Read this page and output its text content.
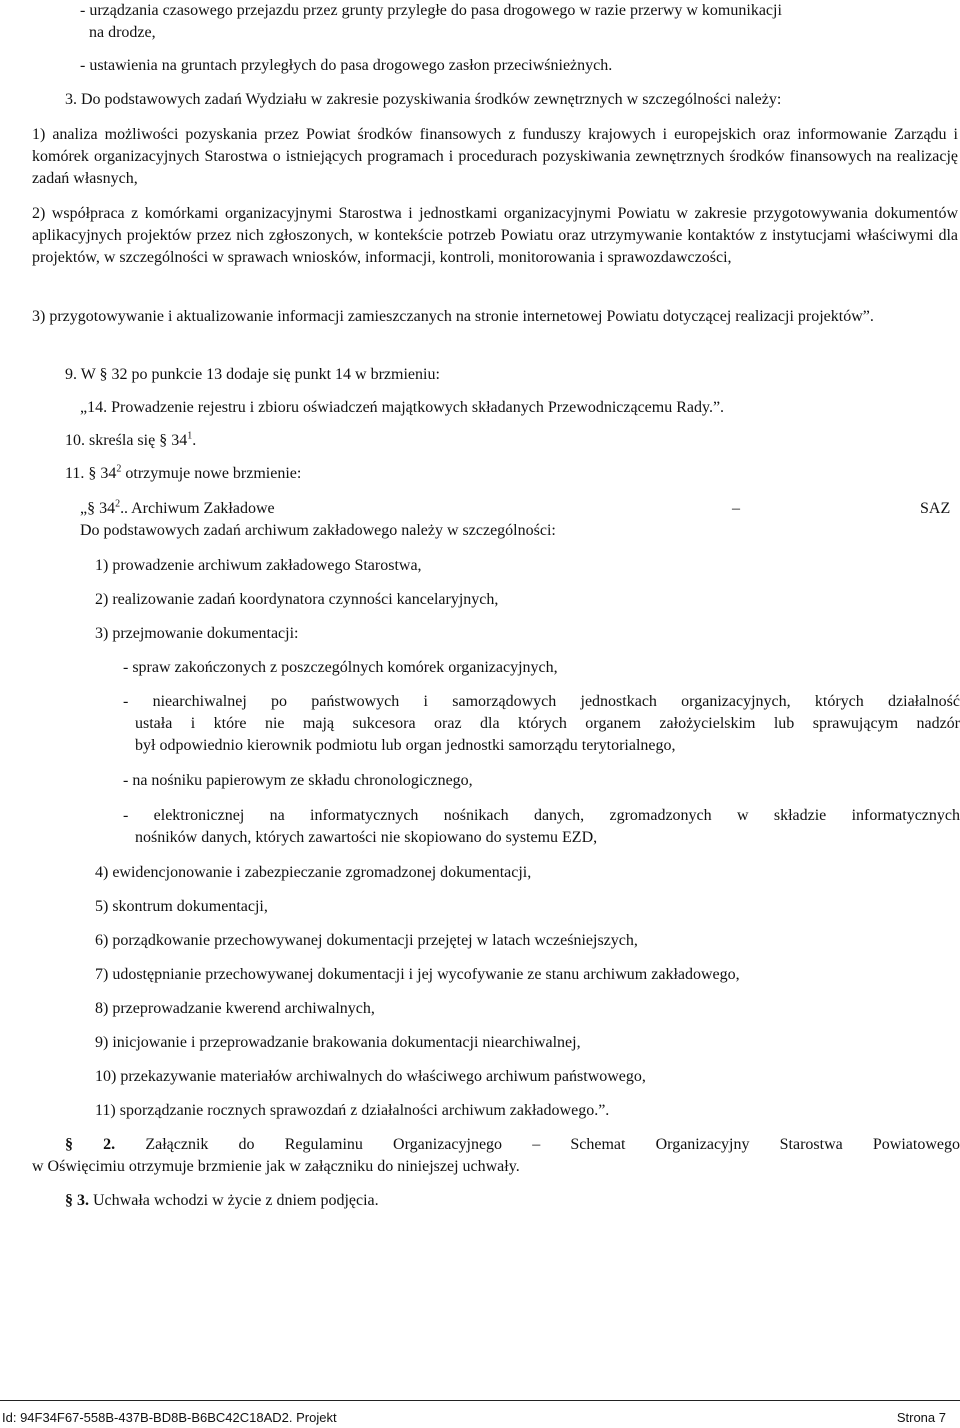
- urządzania czasowego przejazdu przez grunty przyległe do pasa drogowego w razie przerwy w komunikacji

na drodze,

- ustawienia na gruntach przyległych do pasa drogowego zasłon przeciwśnieżnych.

3. Do podstawowych zadań Wydziału w zakresie pozyskiwania środków zewnętrznych w szczególności należy:

1) analiza możliwości pozyskania przez Powiat środków finansowych z funduszy krajowych i europejskich oraz informowanie Zarządu i komórek organizacyjnych Starostwa o istniejących programach i procedurach pozyskiwania zewnętrznych środków finansowych na realizację zadań własnych,

2) współpraca z komórkami organizacyjnymi Starostwa i jednostkami organizacyjnymi Powiatu w zakresie przygotowywania dokumentów aplikacyjnych projektów przez nich zgłoszonych, w kontekście potrzeb Powiatu oraz utrzymywanie kontaktów z instytucjami właściwymi dla projektów, w szczególności w sprawach wniosków, informacji, kontroli, monitorowania i sprawozdawczości,

3) przygotowywanie i aktualizowanie informacji zamieszczanych na stronie internetowej Powiatu dotyczącej realizacji projektów”.

9. W § 32 po punkcie 13 dodaje się punkt 14 w brzmieniu:

„14. Prowadzenie rejestru i zbioru oświadczeń majątkowych składanych Przewodniczącemu Rady.”.

10. skreśla się § $34^1$.

11. § $34^2$ otrzymuje nowe brzmienie:

„§ $34^2$. . Archiwum Zakładowe	–	SAZ

Do podstawowych zadań archiwum zakładowego należy w szczególności:

1) prowadzenie archiwum zakładowego Starostwa,

2) realizowanie zadań koordynatora czynności kancelaryjnych,

3) przejmowanie dokumentacji:

- spraw zakończonych z poszczególnych komórek organizacyjnych,

- niearchiwalnej po państwowych i samorządowych jednostkach organizacyjnych, których działalność

ustała i które nie mają sukcesora oraz dla których organem założycielskim lub sprawującym nadzór

był odpowiednio kierownik podmiotu lub organ jednostki samorządu terytorialnego,

- na nośniku papierowym ze składu chronologicznego,

- elektronicznej na informatycznych nośnikach danych, zgromadzonych w składzie informatycznych

nośników danych, których zawartości nie skopiowano do systemu EZD,

4) ewidencjonowanie i zabezpieczanie zgromadzonej dokumentacji,

5) skontrum dokumentacji,

6) porządkowanie przechowywanej dokumentacji przejętej w latach wcześniejszych,

7) udostępnianie przechowywanej dokumentacji i jej wycofywanie ze stanu archiwum zakładowego,

8) przeprowadzanie kwerend archiwalnych,

9) inicjowanie i przeprowadzanie brakowania dokumentacji niearchiwalnej,

10) przekazywanie materiałów archiwalnych do właściwego archiwum państwowego,

11) sporządzanie rocznych sprawozdań z działalności archiwum zakładowego.”.

§ 2. Załącznik do Regulaminu Organizacyjnego – Schemat Organizacyjny Starostwa Powiatowego

w Oświęcimiu otrzymuje brzmienie jak w załączniku do niniejszej uchwały.

§ 3. Uchwała wchodzi w życie z dniem podjęcia.

Id: 94F34F67-558B-437B-BD8B-B6BC42C18AD2. Projekt	Strona 7
